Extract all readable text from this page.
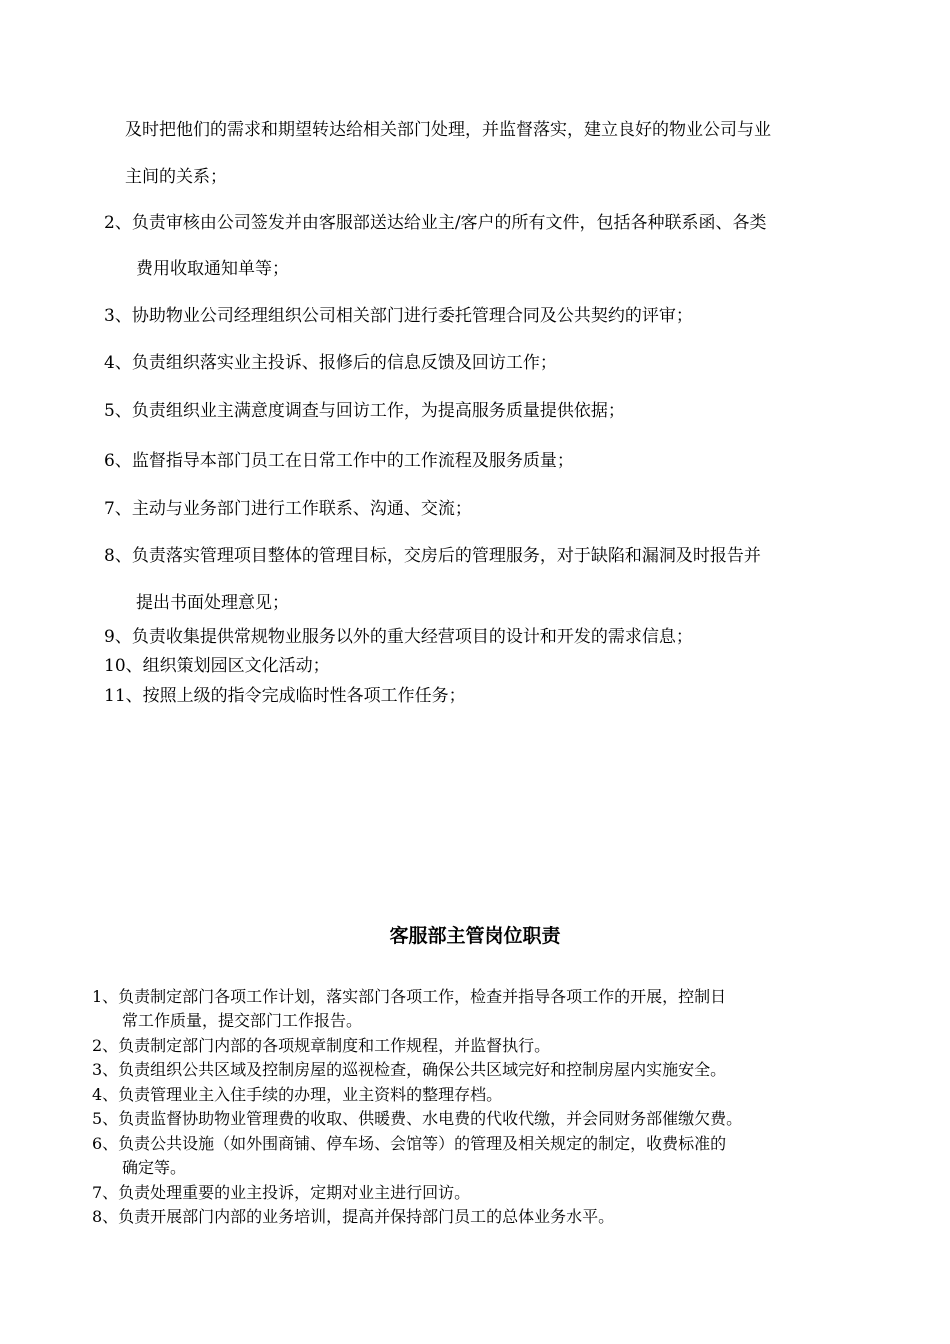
及时把他们的需求和期望转达给相关部门处理，并监督落实，建立良好的物业公司与业
主间的关系；
2、负责审核由公司签发并由客服部送达给业主/客户的所有文件，包括各种联系函、各类
费用收取通知单等；
3、协助物业公司经理组织公司相关部门进行委托管理合同及公共契约的评审；
4、负责组织落实业主投诉、报修后的信息反馈及回访工作；
5、负责组织业主满意度调查与回访工作，为提高服务质量提供依据；
6、监督指导本部门员工在日常工作中的工作流程及服务质量；
7、主动与业务部门进行工作联系、沟通、交流；
8、负责落实管理项目整体的管理目标，交房后的管理服务，对于缺陷和漏洞及时报告并
提出书面处理意见；
9、负责收集提供常规物业服务以外的重大经营项目的设计和开发的需求信息；
10、组织策划园区文化活动；
11、按照上级的指令完成临时性各项工作任务；
客服部主管岗位职责
1、负责制定部门各项工作计划，落实部门各项工作，检查并指导各项工作的开展，控制日
常工作质量，提交部门工作报告。
2、负责制定部门内部的各项规章制度和工作规程，并监督执行。
3、负责组织公共区域及控制房屋的巡视检查，确保公共区域完好和控制房屋内实施安全。
4、负责管理业主入住手续的办理，业主资料的整理存档。
5、负责监督协助物业管理费的收取、供暖费、水电费的代收代缴，并会同财务部催缴欠费。
6、负责公共设施（如外围商铺、停车场、会馆等）的管理及相关规定的制定，收费标准的
确定等。
7、负责处理重要的业主投诉，定期对业主进行回访。
8、负责开展部门内部的业务培训，提高并保持部门员工的总体业务水平。
